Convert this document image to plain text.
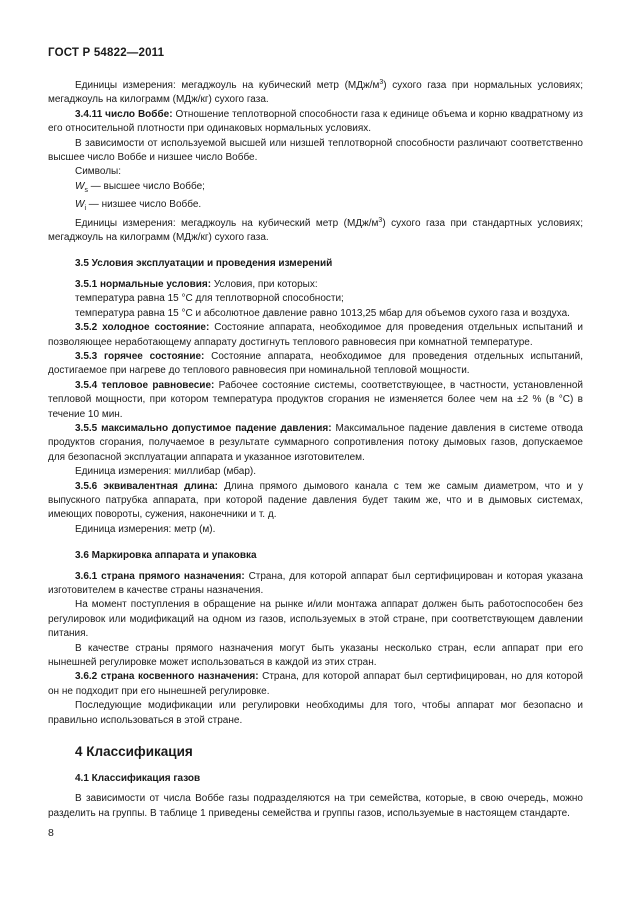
ГОСТ Р 54822—2011

Единицы измерения: мегаджоуль на кубический метр $(МДж/м^3)$ сухого газа при нормальных условиях; мегаджоуль на килограмм (МДж/кг) сухого газа.

3.4.11 число Воббе: Отношение теплотворной способности газа к единице объема и корню квадратному из его относительной плотности при одинаковых нормальных условиях.

В зависимости от используемой высшей или низшей теплотворной способности различают соответственно высшее число Воббе и низшее число Воббе.

Символы:

$W_s$ — высшее число Воббе;

$W_i$ — низшее число Воббе.

Единицы измерения: мегаджоуль на кубический метр $(МДж/м^3)$ сухого газа при стандартных условиях; мегаджоуль на килограмм (МДж/кг) сухого газа.

3.5 Условия эксплуатации и проведения измерений

3.5.1 нормальные условия: Условия, при которых:

температура равна 15 °С для теплотворной способности;

температура равна 15 °С и абсолютное давление равно 1013,25 мбар для объемов сухого газа и воздуха.

3.5.2 холодное состояние: Состояние аппарата, необходимое для проведения отдельных испытаний и позволяющее неработающему аппарату достигнуть теплового равновесия при комнатной температуре.

3.5.3 горячее состояние: Состояние аппарата, необходимое для проведения отдельных испытаний, достигаемое при нагреве до теплового равновесия при номинальной тепловой мощности.

3.5.4 тепловое равновесие: Рабочее состояние системы, соответствующее, в частности, установленной тепловой мощности, при котором температура продуктов сгорания не изменяется более чем на ±2 % (в °С) в течение 10 мин.

3.5.5 максимально допустимое падение давления: Максимальное падение давления в системе отвода продуктов сгорания, получаемое в результате суммарного сопротивления потоку дымовых газов, допускаемое для безопасной эксплуатации аппарата и указанное изготовителем.

Единица измерения: миллибар (мбар).

3.5.6 эквивалентная длина: Длина прямого дымового канала с тем же самым диаметром, что и у выпускного патрубка аппарата, при которой падение давления будет таким же, что и в дымовых системах, имеющих повороты, сужения, наконечники и т. д.

Единица измерения: метр (м).

3.6 Маркировка аппарата и упаковка

3.6.1 страна прямого назначения: Страна, для которой аппарат был сертифицирован и которая указана изготовителем в качестве страны назначения.

На момент поступления в обращение на рынке и/или монтажа аппарат должен быть работоспособен без регулировок или модификаций на одном из газов, используемых в этой стране, при соответствующем давлении питания.

В качестве страны прямого назначения могут быть указаны несколько стран, если аппарат при его нынешней регулировке может использоваться в каждой из этих стран.

3.6.2 страна косвенного назначения: Страна, для которой аппарат был сертифицирован, но для которой он не подходит при его нынешней регулировке.

Последующие модификации или регулировки необходимы для того, чтобы аппарат мог безопасно и правильно использоваться в этой стране.

4 Классификация

4.1 Классификация газов

В зависимости от числа Воббе газы подразделяются на три семейства, которые, в свою очередь, можно разделить на группы. В таблице 1 приведены семейства и группы газов, используемые в настоящем стандарте.

8
